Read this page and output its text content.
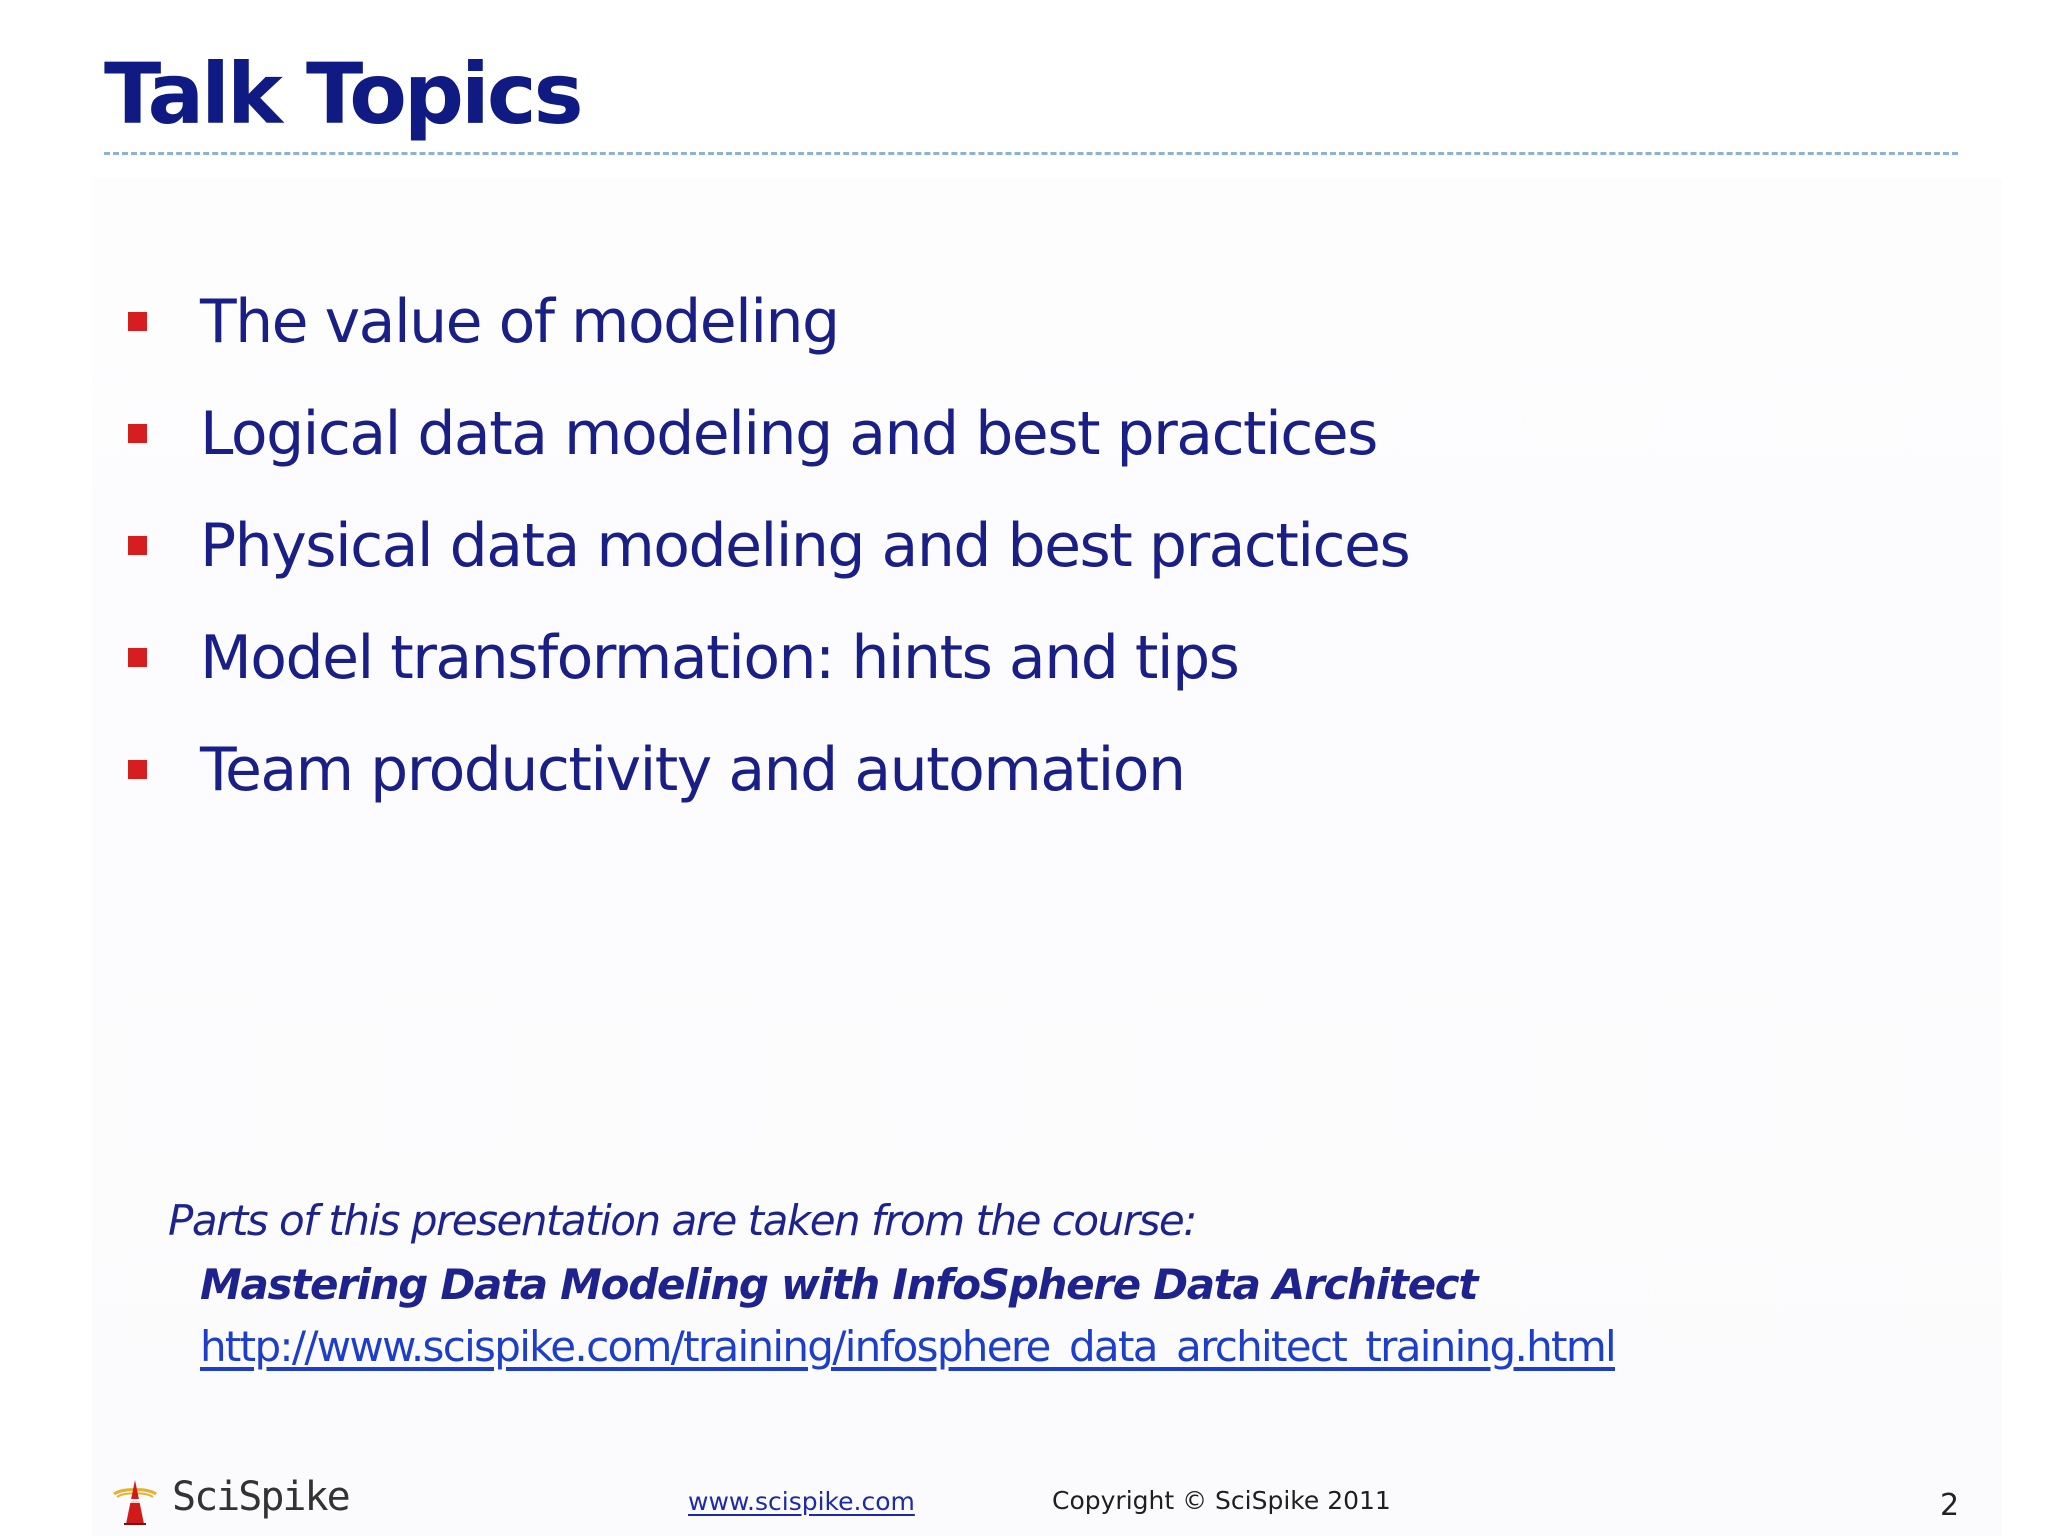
Talk Topics
The value of modeling
Logical data modeling and best practices
Physical data modeling and best practices
Model transformation: hints and tips
Team productivity and automation

Parts of this presentation are taken from the course:

Mastering Data Modeling with InfoSphere Data Architect

http://www.scispike.com/training/infosphere_data_architect_training.html
SciSpike	www.scispike.com	Copyright © SciSpike 2011	2
